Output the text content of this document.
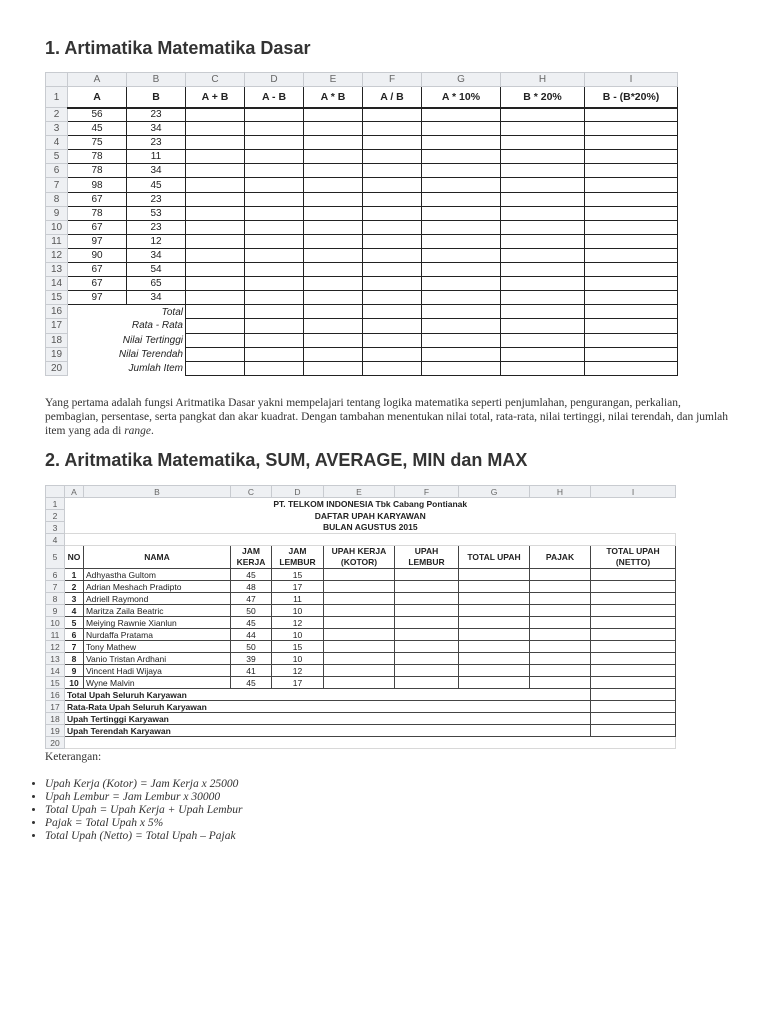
1. Artimatika Matematika Dasar
	A	B	C	D	E	F	G	H	I
1	A	B	A + B	A - B	A * B	A / B	A * 10%	B * 20%	B - (B*20%)
2	56	23							
3	45	34							
4	75	23							
5	78	11							
6	78	34							
7	98	45							
8	67	23							
9	78	53							
10	67	23							
11	97	12							
12	90	34							
13	67	54							
14	67	65							
15	97	34							
16	Total								
17	Rata - Rata								
18	Nilai Tertinggi								
19	Nilai Terendah								
20	Jumlah Item								

Yang pertama adalah fungsi Aritmatika Dasar yakni mempelajari tentang logika matematika seperti penjumlahan, pengurangan, perkalian, pembagian, persentase, serta pangkat dan akar kuadrat. Dengan tambahan menentukan nilai total, rata-rata, nilai tertinggi, nilai terendah, dan jumlah item yang ada di range.

2. Aritmatika Matematika, SUM, AVERAGE, MIN dan MAX
	A	B	C	D	E	F	G	H	I
1	PT. TELKOM INDONESIA Tbk Cabang Pontianak								
2	DAFTAR UPAH KARYAWAN								
3	BULAN AGUSTUS 2015								
4									
5	NO	NAMA	JAM KERJA	JAM LEMBUR	UPAH KERJA (KOTOR)	UPAH LEMBUR	TOTAL UPAH	PAJAK	TOTAL UPAH (NETTO)
6	1	Adhyastha Gultom	45	15					
7	2	Adrian Meshach Pradipto	48	17					
8	3	Adriell Raymond	47	11					
9	4	Maritza Zaila Beatric	50	10					
10	5	Meiying Rawnie Xianlun	45	12					
11	6	Nurdaffa Pratama	44	10					
12	7	Tony Mathew	50	15					
13	8	Vanio Tristan Ardhani	39	10					
14	9	Vincent Hadi Wijaya	41	12					
15	10	Wyne Malvin	45	17					
16	Total Upah Seluruh Karyawan								
17	Rata-Rata Upah Seluruh Karyawan								
18	Upah Tertinggi Karyawan								
19	Upah Terendah Karyawan								
20									

Keterangan:

• Upah Kerja (Kotor) = Jam Kerja x 25000
• Upah Lembur = Jam Lembur x 30000
• Total Upah = Upah Kerja + Upah Lembur
• Pajak = Total Upah x 5%
• Total Upah (Netto) = Total Upah – Pajak
